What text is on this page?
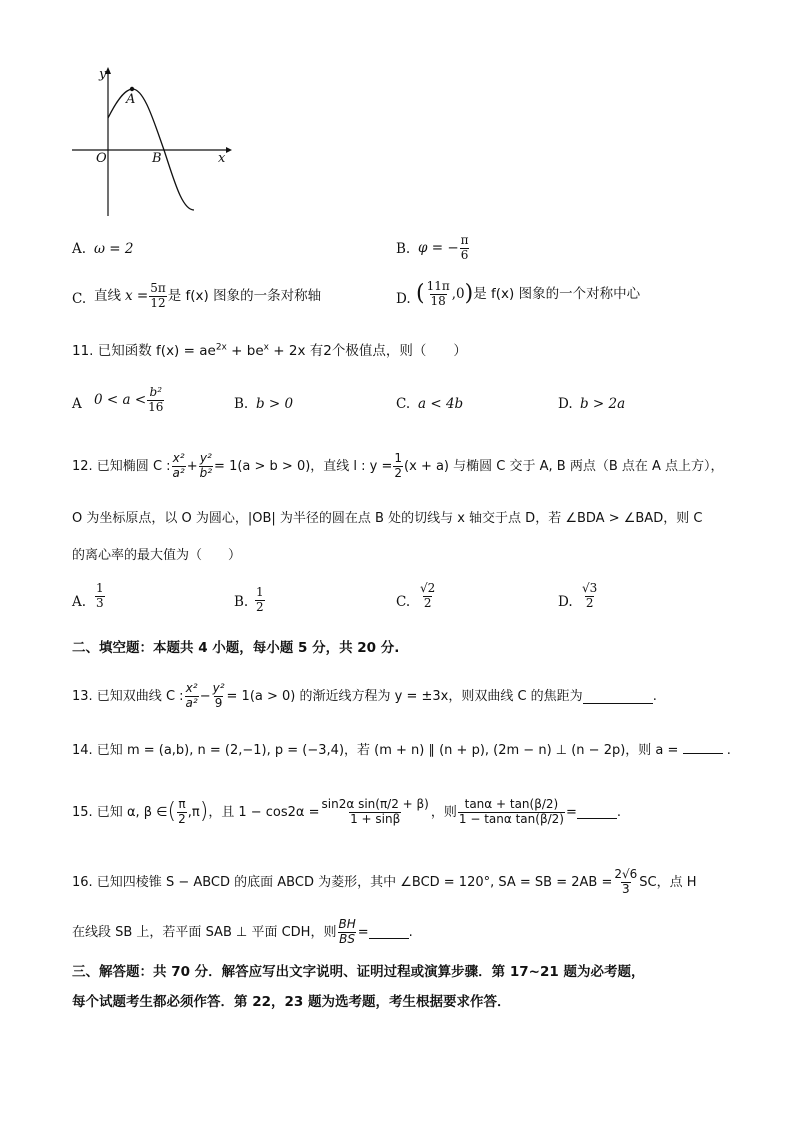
y
A
O	B	x
A. ω = 2	B. φ = − $\frac{\pi}{6}$
C. 直线 $x = \frac{5\pi}{12}$ 是 f(x) 图象的一条对称轴	D. ( $\frac{11\pi}{18} ,0$ ) 是 f(x) 图象的一个对称中心
11. 已知函数 $f(x) = ae^{2x} + be^x + 2x$ 有2个极值点，则（　　）
A $0 < a < \frac{\text{b²}}{16}$	B. b > 0	C. a < 4b	D. b > 2a
12. 已知椭圆 C : $\frac{\text{x²}}{\text{a²}} + \frac{\text{y²}}{\text{b²}} = 1(a > b > 0)$，直线 l : $y = \frac{1}{2} (x + a)$ 与椭圆 C 交于 A, B 两点（B 点在 A 点上方），
O 为坐标原点，以 O 为圆心，|OB| 为半径的圆在点 B 处的切线与 x 轴交于点 D，若 ∠BDA > ∠BAD，则 C
的离心率的最大值为（　　）
A. $\frac{1}{3}$	B. $\frac{1}{2}$	C. $\frac{√2}{2}$	D. $\frac{√3}{2}$
二、填空题：本题共 4 小题，每小题 5 分，共 20 分.
13. 已知双曲线 C : $\frac{\text{x²}}{\text{a²}} - \frac{\text{y²}}{9} = 1(a > 0)$ 的渐近线方程为 y = ±3x，则双曲线 C 的焦距为	.
14. 已知 m = (a,b), n = (2,−1), p = (−3,4)，若 (m + n) ∥ (n + p), (2m − n) ⊥ (n − 2p)，则 a =	.
15. 已知 α, β ∈ ( $\frac{\pi}{2} ,\pi$ ) ，且 $1 - \cos 2\alpha = \frac{\text{sin2α sin(π/2 + β)}}{1 + \sin\beta}$ ，则 $\frac{\tan\alpha + \tan(\beta/2)}{\text{1 − tanα tan(β/2)}}$ =	.
16. 已知四棱锥 S − ABCD 的底面 ABCD 为菱形，其中 ∠BCD = 120°, SA = SB = $2AB = \frac{2√6}{3}$ SC，点 H
在线段 SB 上，若平面 SAB ⊥ 平面 CDH，则 $\frac{BH}{BS}$ =	.
三、解答题：共 70 分．解答应写出文字说明、证明过程或演算步骤．第 17~21 题为必考题，
每个试题考生都必须作答．第 22，23 题为选考题，考生根据要求作答．
